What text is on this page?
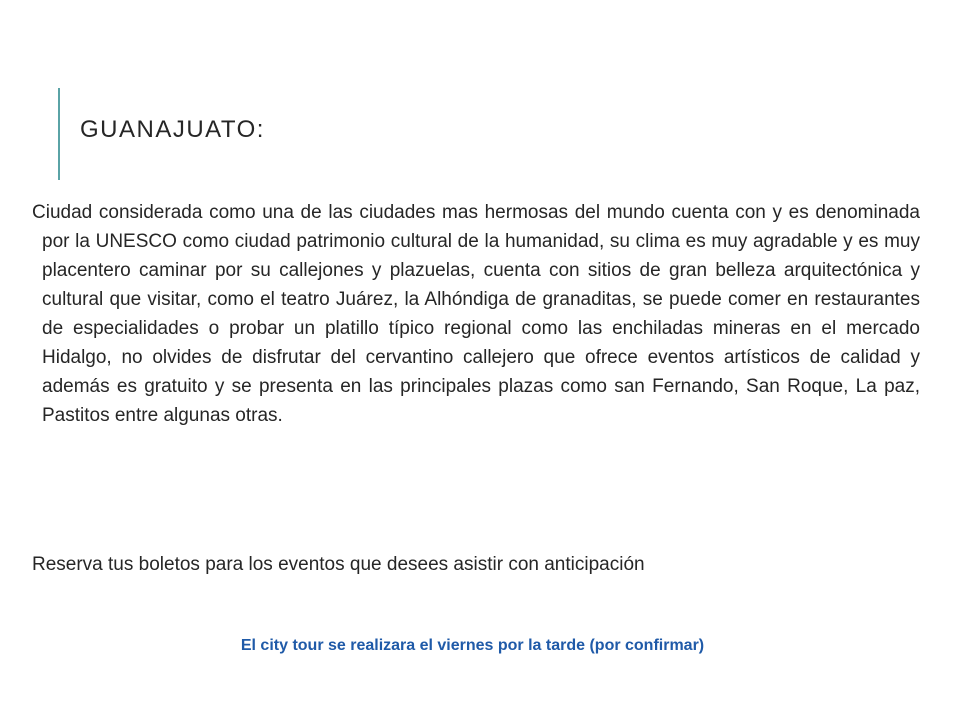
GUANAJUATO:

Ciudad considerada como una de las ciudades mas hermosas del mundo cuenta con y es denominada por la UNESCO como ciudad patrimonio cultural de la humanidad, su clima es muy agradable y es muy placentero caminar por su callejones y plazuelas, cuenta con sitios de gran belleza arquitectónica y cultural que visitar, como el teatro Juárez, la Alhóndiga de granaditas, se puede comer en restaurantes de especialidades o probar un platillo típico regional como las enchiladas mineras en el mercado Hidalgo, no olvides de disfrutar del cervantino callejero que ofrece eventos artísticos de calidad y además es gratuito y se presenta en las principales plazas como san Fernando, San Roque, La paz, Pastitos entre algunas otras.

Reserva tus boletos para los eventos que desees asistir con anticipación

El city tour se realizara el viernes por la tarde (por confirmar)
